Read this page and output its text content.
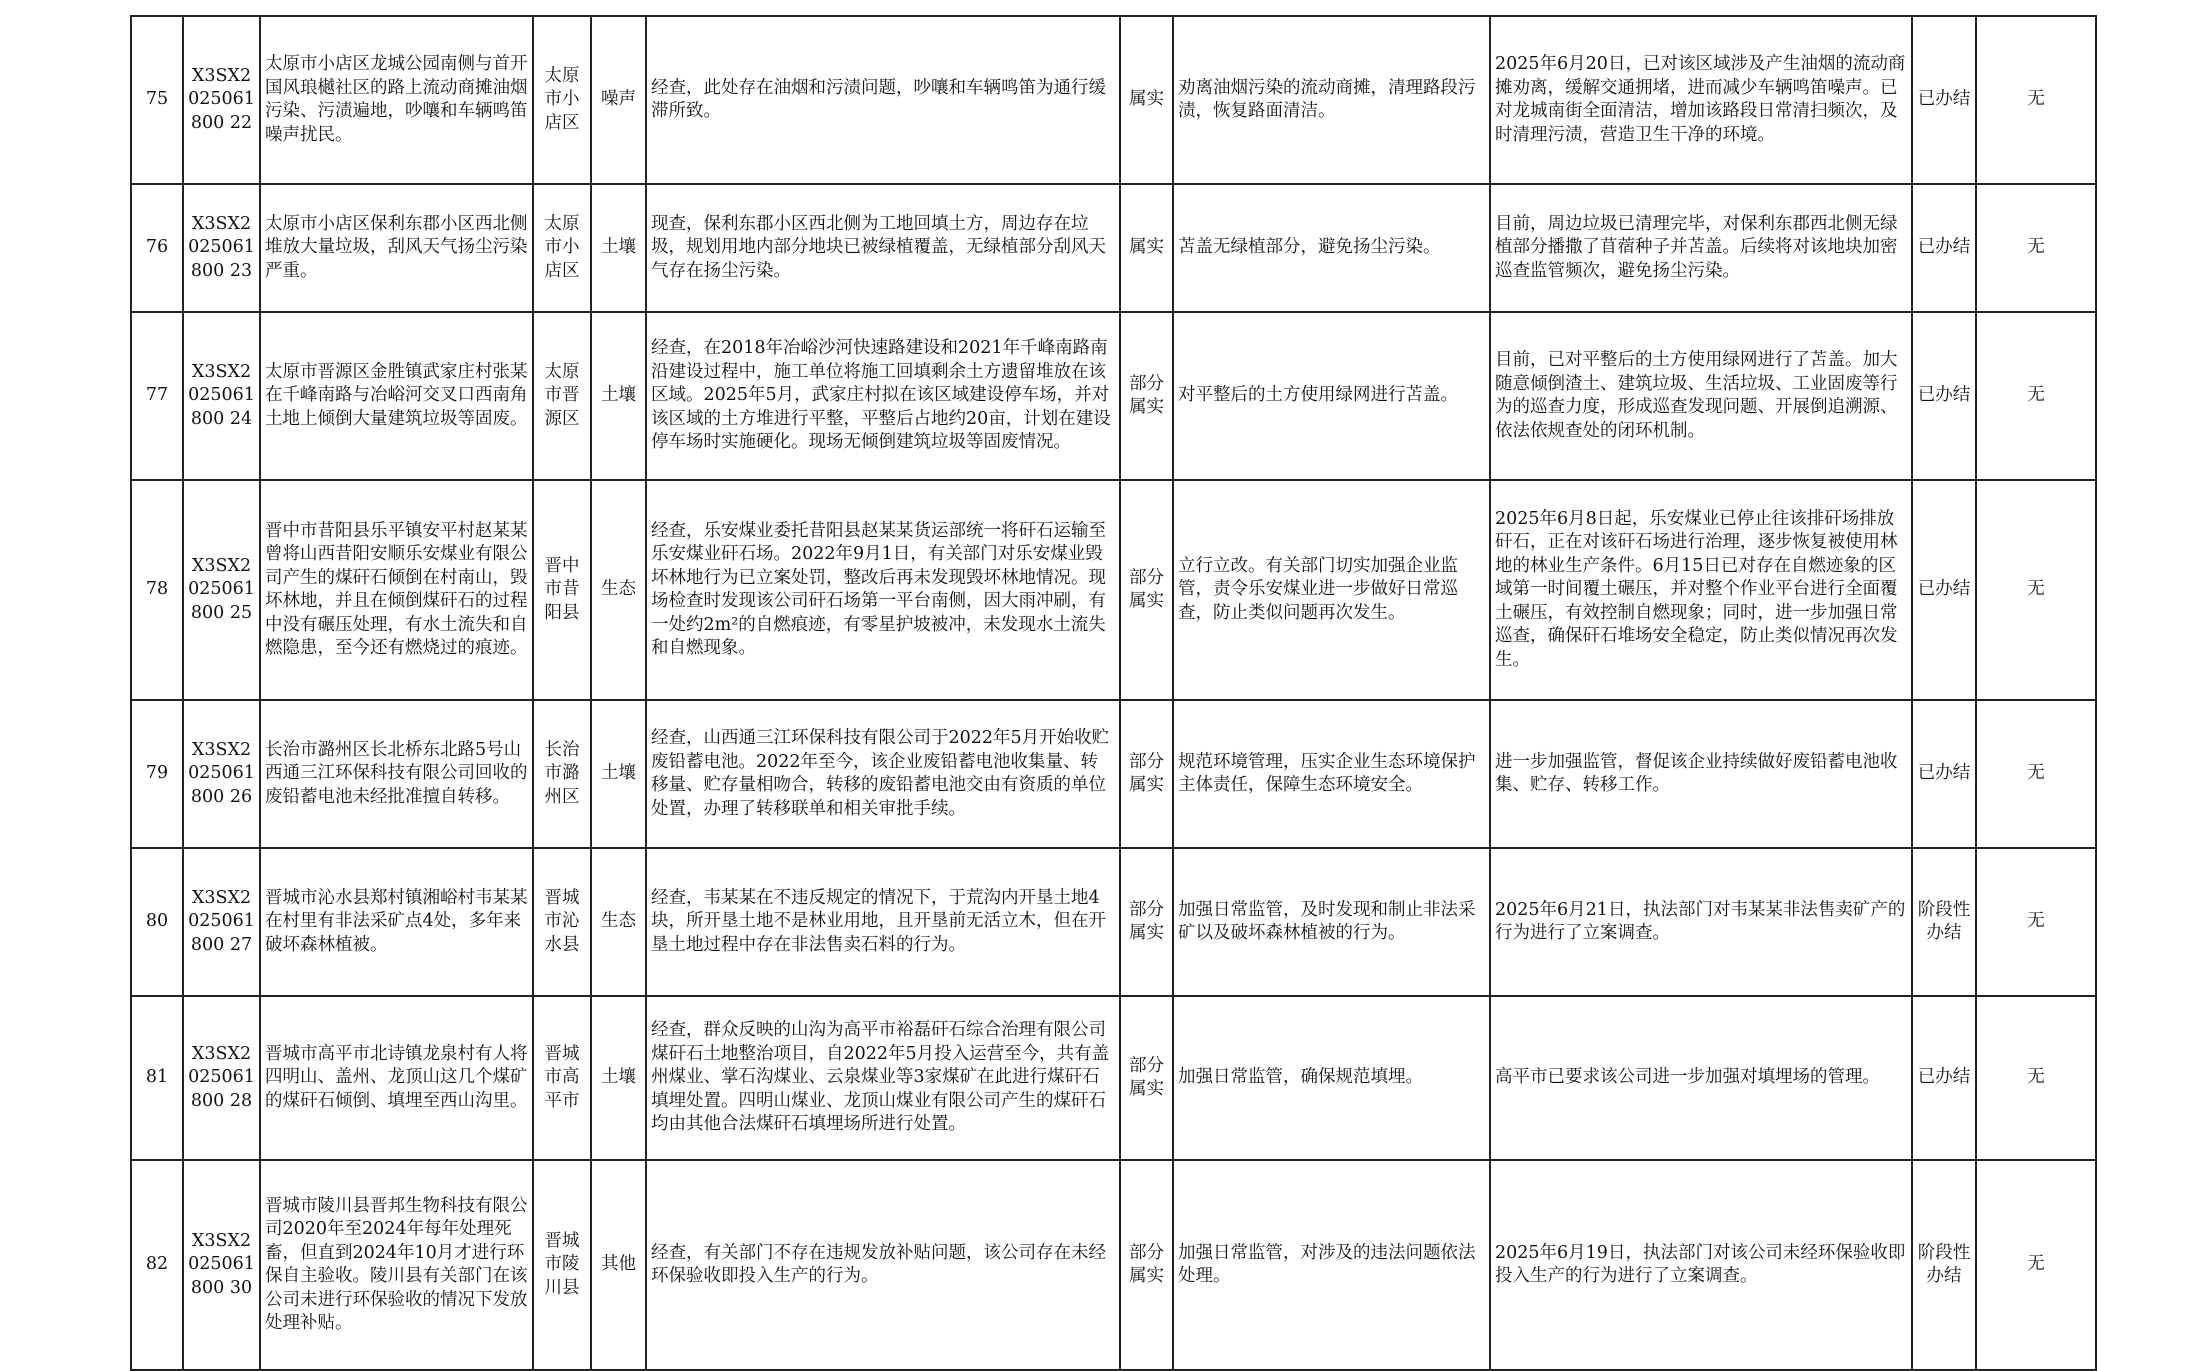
75	X3SX2025061800 22	太原市小店区龙城公园南侧与首开国风琅樾社区的路上流动商摊油烟污染、污渍遍地，吵嚷和车辆鸣笛噪声扰民。	太原市小店区	噪声	经查，此处存在油烟和污渍问题，吵嚷和车辆鸣笛为通行缓滞所致。	属实	劝离油烟污染的流动商摊，清理路段污渍，恢复路面清洁。	2025年6月20日，已对该区域涉及产生油烟的流动商摊劝离，缓解交通拥堵，进而减少车辆鸣笛噪声。已对龙城南街全面清洁，增加该路段日常清扫频次，及时清理污渍，营造卫生干净的环境。	已办结	无
76	X3SX2025061800 23	太原市小店区保利东郡小区西北侧堆放大量垃圾，刮风天气扬尘污染严重。	太原市小店区	土壤	现查，保利东郡小区西北侧为工地回填土方，周边存在垃圾，规划用地内部分地块已被绿植覆盖，无绿植部分刮风天气存在扬尘污染。	属实	苫盖无绿植部分，避免扬尘污染。	目前，周边垃圾已清理完毕，对保利东郡西北侧无绿植部分播撒了苜蓿种子并苫盖。后续将对该地块加密巡查监管频次，避免扬尘污染。	已办结	无
77	X3SX2025061800 24	太原市晋源区金胜镇武家庄村张某在千峰南路与冶峪河交叉口西南角土地上倾倒大量建筑垃圾等固废。	太原市晋源区	土壤	经查，在2018年冶峪沙河快速路建设和2021年千峰南路南沿建设过程中，施工单位将施工回填剩余土方遗留堆放在该区域。2025年5月，武家庄村拟在该区域建设停车场，并对该区域的土方堆进行平整，平整后占地约20亩，计划在建设停车场时实施硬化。现场无倾倒建筑垃圾等固废情况。	部分属实	对平整后的土方使用绿网进行苫盖。	目前，已对平整后的土方使用绿网进行了苫盖。加大随意倾倒渣土、建筑垃圾、生活垃圾、工业固废等行为的巡查力度，形成巡查发现问题、开展倒追溯源、依法依规查处的闭环机制。	已办结	无
78	X3SX2025061800 25	晋中市昔阳县乐平镇安平村赵某某曾将山西昔阳安顺乐安煤业有限公司产生的煤矸石倾倒在村南山，毁坏林地，并且在倾倒煤矸石的过程中没有碾压处理，有水土流失和自燃隐患，至今还有燃烧过的痕迹。	晋中市昔阳县	生态	经查，乐安煤业委托昔阳县赵某某货运部统一将矸石运输至乐安煤业矸石场。2022年9月1日，有关部门对乐安煤业毁坏林地行为已立案处罚，整改后再未发现毁坏林地情况。现场检查时发现该公司矸石场第一平台南侧，因大雨冲刷，有一处约2m²的自燃痕迹，有零星护坡被冲，未发现水土流失和自燃现象。	部分属实	立行立改。有关部门切实加强企业监管，责令乐安煤业进一步做好日常巡查，防止类似问题再次发生。	2025年6月8日起，乐安煤业已停止往该排矸场排放矸石，正在对该矸石场进行治理，逐步恢复被使用林地的林业生产条件。6月15日已对存在自燃迹象的区域第一时间覆土碾压，并对整个作业平台进行全面覆土碾压，有效控制自燃现象；同时，进一步加强日常巡查，确保矸石堆场安全稳定，防止类似情况再次发生。	已办结	无
79	X3SX2025061800 26	长治市潞州区长北桥东北路5号山西通三江环保科技有限公司回收的废铅蓄电池未经批准擅自转移。	长治市潞州区	土壤	经查，山西通三江环保科技有限公司于2022年5月开始收贮废铅蓄电池。2022年至今，该企业废铅蓄电池收集量、转移量、贮存量相吻合，转移的废铅蓄电池交由有资质的单位处置，办理了转移联单和相关审批手续。	部分属实	规范环境管理，压实企业生态环境保护主体责任，保障生态环境安全。	进一步加强监管，督促该企业持续做好废铅蓄电池收集、贮存、转移工作。	已办结	无
80	X3SX2025061800 27	晋城市沁水县郑村镇湘峪村韦某某在村里有非法采矿点4处，多年来破坏森林植被。	晋城市沁水县	生态	经查，韦某某在不违反规定的情况下，于荒沟内开垦土地4块，所开垦土地不是林业用地，且开垦前无活立木，但在开垦土地过程中存在非法售卖石料的行为。	部分属实	加强日常监管，及时发现和制止非法采矿以及破坏森林植被的行为。	2025年6月21日，执法部门对韦某某非法售卖矿产的行为进行了立案调查。	阶段性办结	无
81	X3SX2025061800 28	晋城市高平市北诗镇龙泉村有人将四明山、盖州、龙顶山这几个煤矿的煤矸石倾倒、填埋至西山沟里。	晋城市高平市	土壤	经查，群众反映的山沟为高平市裕磊矸石综合治理有限公司煤矸石土地整治项目，自2022年5月投入运营至今，共有盖州煤业、掌石沟煤业、云泉煤业等3家煤矿在此进行煤矸石填埋处置。四明山煤业、龙顶山煤业有限公司产生的煤矸石均由其他合法煤矸石填埋场所进行处置。	部分属实	加强日常监管，确保规范填埋。	高平市已要求该公司进一步加强对填埋场的管理。	已办结	无
82	X3SX2025061800 30	晋城市陵川县晋邦生物科技有限公司2020年至2024年每年处理死畜，但直到2024年10月才进行环保自主验收。陵川县有关部门在该公司未进行环保验收的情况下发放处理补贴。	晋城市陵川县	其他	经查，有关部门不存在违规发放补贴问题，该公司存在未经环保验收即投入生产的行为。	部分属实	加强日常监管，对涉及的违法问题依法处理。	2025年6月19日，执法部门对该公司未经环保验收即投入生产的行为进行了立案调查。	阶段性办结	无
